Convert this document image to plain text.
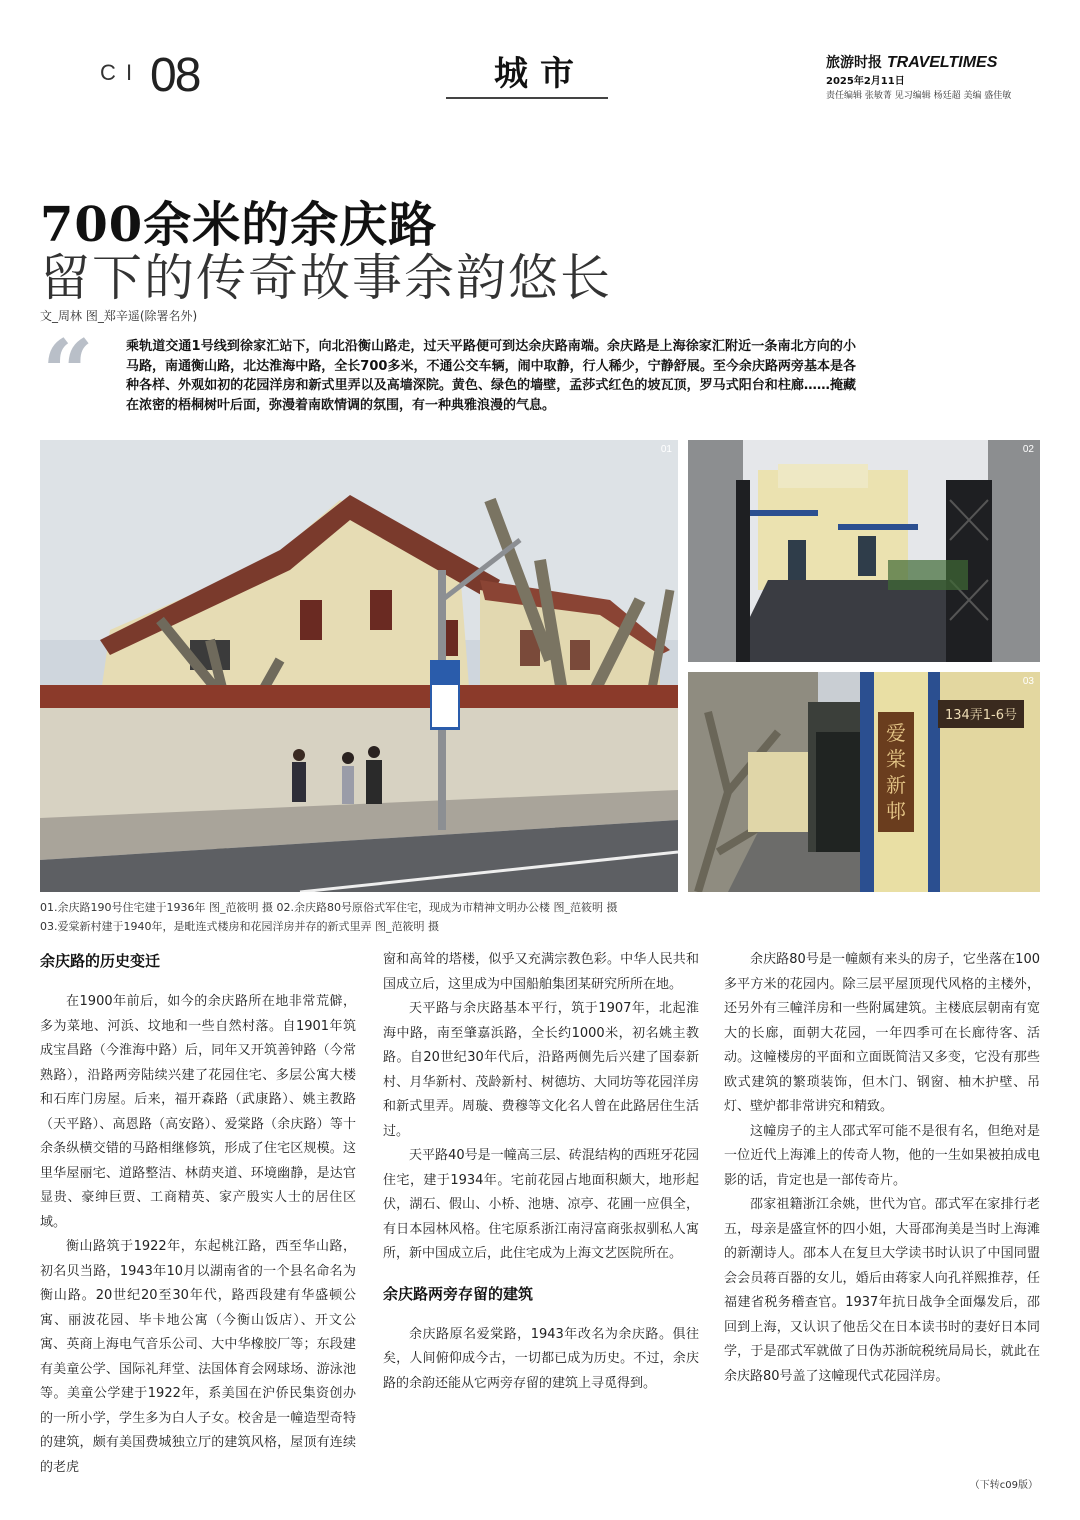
C I 08	城市	旅游时报 TRAVELTIMES
2025年2月11日
责任编辑 张敏菁 见习编辑 杨廷超 美编 盛佳敏
700余米的余庆路
留下的传奇故事余韵悠长
文_周林 图_郑辛遥(除署名外)
“ 乘轨道交通1号线到徐家汇站下，向北沿衡山路走，过天平路便可到达余庆路南端。余庆路是上海徐家汇附近一条南北方向的小马路，南通衡山路，北达淮海中路，全长700多米，不通公交车辆，闹中取静，行人稀少，宁静舒展。至今余庆路两旁基本是各种各样、外观如初的花园洋房和新式里弄以及高墙深院。黄色、绿色的墙壁，孟莎式红色的坡瓦顶，罗马式阳台和柱廊……掩藏在浓密的梧桐树叶后面，弥漫着南欧情调的氛围，有一种典雅浪漫的气息。
01	02
爱
棠
新
邨
134弄1-6号
03
01.余庆路190号住宅建于1936年 图_范筱明 摄 02.余庆路80号原俗式军住宅，现成为市精神文明办公楼 图_范筱明 摄
03.爱棠新村建于1940年，是毗连式楼房和花园洋房并存的新式里弄 图_范筱明 摄

余庆路的历史变迁

在1900年前后，如今的余庆路所在地非常荒僻，多为菜地、河浜、坟地和一些自然村落。自1901年筑成宝昌路（今淮海中路）后，同年又开筑善钟路（今常熟路），沿路两旁陆续兴建了花园住宅、多层公寓大楼和石库门房屋。后来，福开森路（武康路）、姚主教路（天平路）、高恩路（高安路）、爱棠路（余庆路）等十余条纵横交错的马路相继修筑，形成了住宅区规模。这里华屋丽宅、道路整洁、林荫夹道、环境幽静，是达官显贵、豪绅巨贾、工商精英、家产殷实人士的居住区域。

衡山路筑于1922年，东起桃江路，西至华山路，初名贝当路，1943年10月以湖南省的一个县名命名为衡山路。20世纪20至30年代，路西段建有华盛顿公寓、丽波花园、毕卡地公寓（今衡山饭店）、开文公寓、英商上海电气音乐公司、大中华橡胶厂等；东段建有美童公学、国际礼拜堂、法国体育会网球场、游泳池等。美童公学建于1922年，系美国在沪侨民集资创办的一所小学，学生多为白人子女。校舍是一幢造型奇特的建筑，颇有美国费城独立厅的建筑风格，屋顶有连续的老虎

窗和高耸的塔楼，似乎又充满宗教色彩。中华人民共和国成立后，这里成为中国船舶集团某研究所所在地。

天平路与余庆路基本平行，筑于1907年，北起淮海中路，南至肇嘉浜路，全长约1000米，初名姚主教路。自20世纪30年代后，沿路两侧先后兴建了国泰新村、月华新村、茂龄新村、树德坊、大同坊等花园洋房和新式里弄。周璇、费穆等文化名人曾在此路居住生活过。

天平路40号是一幢高三层、砖混结构的西班牙花园住宅，建于1934年。宅前花园占地面积颇大，地形起伏，湖石、假山、小桥、池塘、凉亭、花圃一应俱全，有日本园林风格。住宅原系浙江南浔富商张叔驯私人寓所，新中国成立后，此住宅成为上海文艺医院所在。

余庆路两旁存留的建筑

余庆路原名爱棠路，1943年改名为余庆路。俱往矣，人间俯仰成今古，一切都已成为历史。不过，余庆路的余韵还能从它两旁存留的建筑上寻觅得到。

余庆路80号是一幢颇有来头的房子，它坐落在100多平方米的花园内。除三层平屋顶现代风格的主楼外，还另外有三幢洋房和一些附属建筑。主楼底层朝南有宽大的长廊，面朝大花园，一年四季可在长廊待客、活动。这幢楼房的平面和立面既简洁又多变，它没有那些欧式建筑的繁琐装饰，但木门、钢窗、柚木护壁、吊灯、壁炉都非常讲究和精致。

这幢房子的主人邵式军可能不是很有名，但绝对是一位近代上海滩上的传奇人物，他的一生如果被拍成电影的话，肯定也是一部传奇片。

邵家祖籍浙江余姚，世代为官。邵式军在家排行老五，母亲是盛宣怀的四小姐，大哥邵洵美是当时上海滩的新潮诗人。邵本人在复旦大学读书时认识了中国同盟会会员蒋百器的女儿，婚后由蒋家人向孔祥熙推荐，任福建省税务稽查官。1937年抗日战争全面爆发后，邵回到上海，又认识了他岳父在日本读书时的妻好日本同学，于是邵式军就做了日伪苏浙皖税统局局长，就此在余庆路80号盖了这幢现代式花园洋房。

（下转c09版）
